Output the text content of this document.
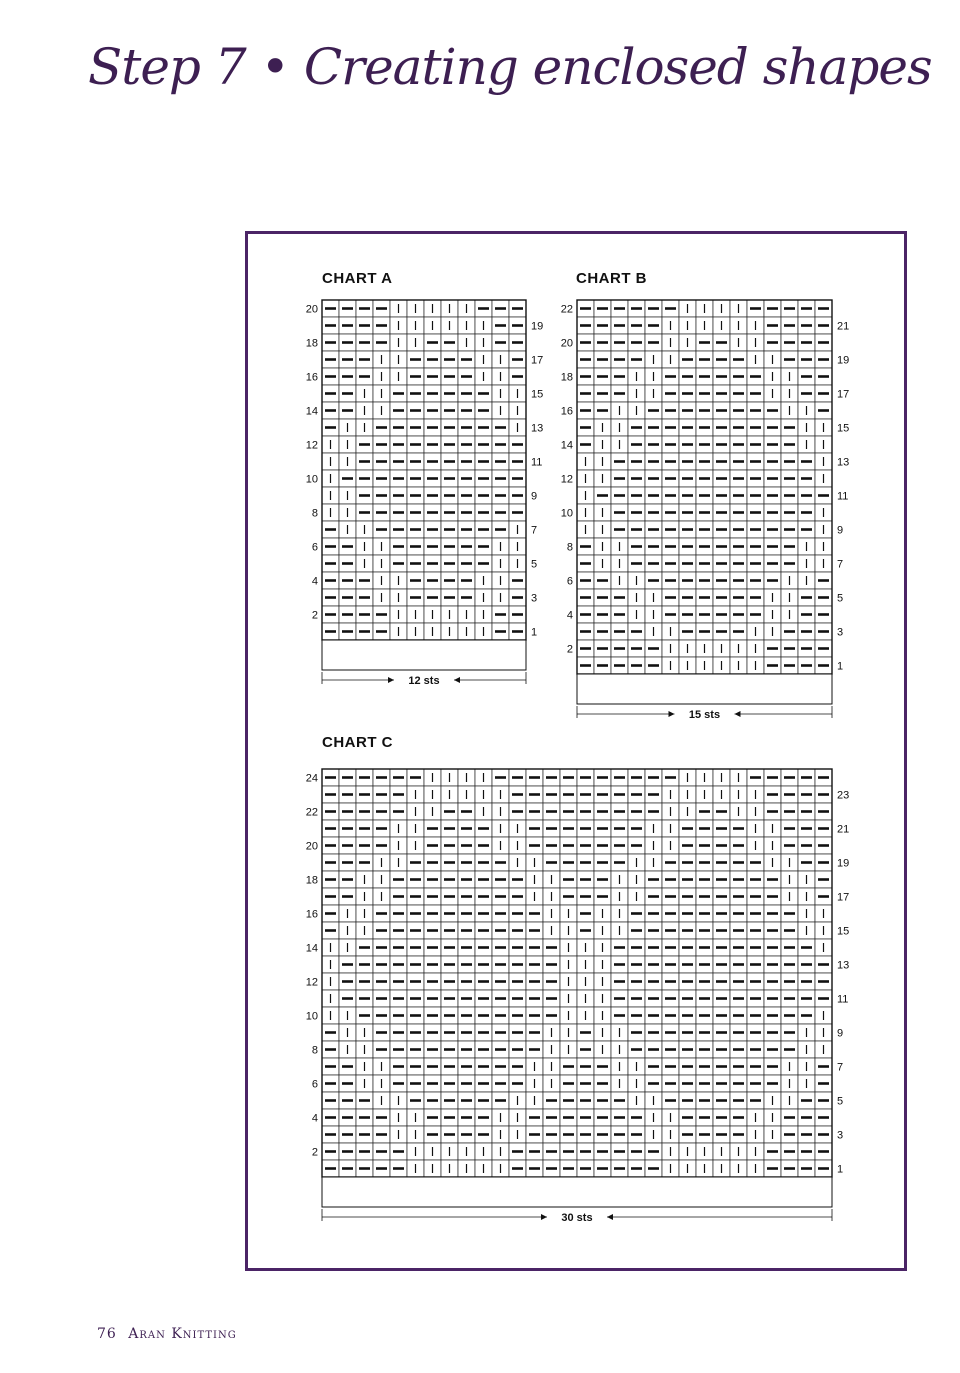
Step 7 • Creating enclosed shapes
CHART A
20
19
18
17
16
15
14
13
12
11
10
9
8
7
6
5
4
3
2
1
12 sts
CHART B
22
21
20
19
18
17
16
15
14
13
12
11
10
9
8
7
6
5
4
3
2
1
15 sts
CHART C
24
23
22
21
20
19
18
17
16
15
14
13
12
11
10
9
8
7
6
5
4
3
2
1
30 sts
76 Aran Knitting
